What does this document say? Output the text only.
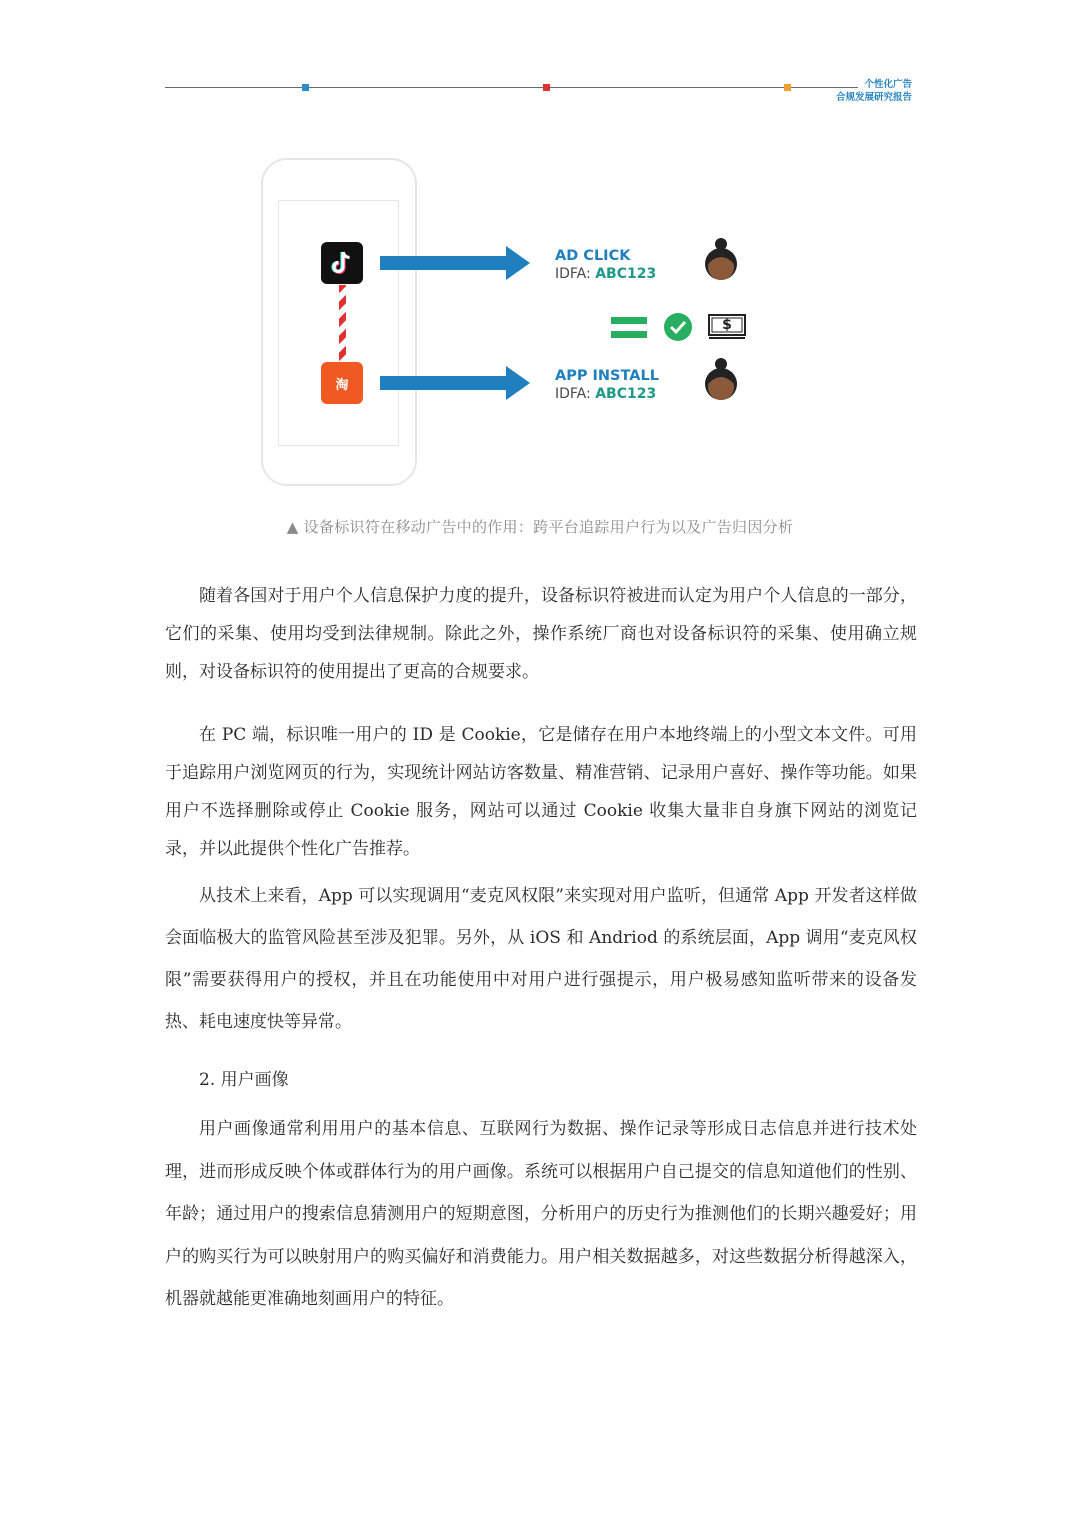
个性化广告
合规发展研究报告
淘
AD CLICK
IDFA: ABC123
APP INSTALL
IDFA: ABC123
$
▲ 设备标识符在移动广告中的作用：跨平台追踪用户行为以及广告归因分析

随着各国对于用户个人信息保护力度的提升，设备标识符被进而认定为用户个人信息的一部分，它们的采集、使用均受到法律规制。除此之外，操作系统厂商也对设备标识符的采集、使用确立规则，对设备标识符的使用提出了更高的合规要求。

在 PC 端，标识唯一用户的 ID 是 Cookie，它是储存在用户本地终端上的小型文本文件。可用于追踪用户浏览网页的行为，实现统计网站访客数量、精准营销、记录用户喜好、操作等功能。如果用户不选择删除或停止 Cookie 服务，网站可以通过 Cookie 收集大量非自身旗下网站的浏览记录，并以此提供个性化广告推荐。

从技术上来看，App 可以实现调用“麦克风权限”来实现对用户监听，但通常 App 开发者这样做会面临极大的监管风险甚至涉及犯罪。另外，从 iOS 和 Andriod 的系统层面，App 调用“麦克风权限”需要获得用户的授权，并且在功能使用中对用户进行强提示，用户极易感知监听带来的设备发热、耗电速度快等异常。

2. 用户画像

用户画像通常利用用户的基本信息、互联网行为数据、操作记录等形成日志信息并进行技术处理，进而形成反映个体或群体行为的用户画像。系统可以根据用户自己提交的信息知道他们的性别、年龄；通过用户的搜索信息猜测用户的短期意图，分析用户的历史行为推测他们的长期兴趣爱好；用户的购买行为可以映射用户的购买偏好和消费能力。用户相关数据越多，对这些数据分析得越深入，机器就越能更准确地刻画用户的特征。
